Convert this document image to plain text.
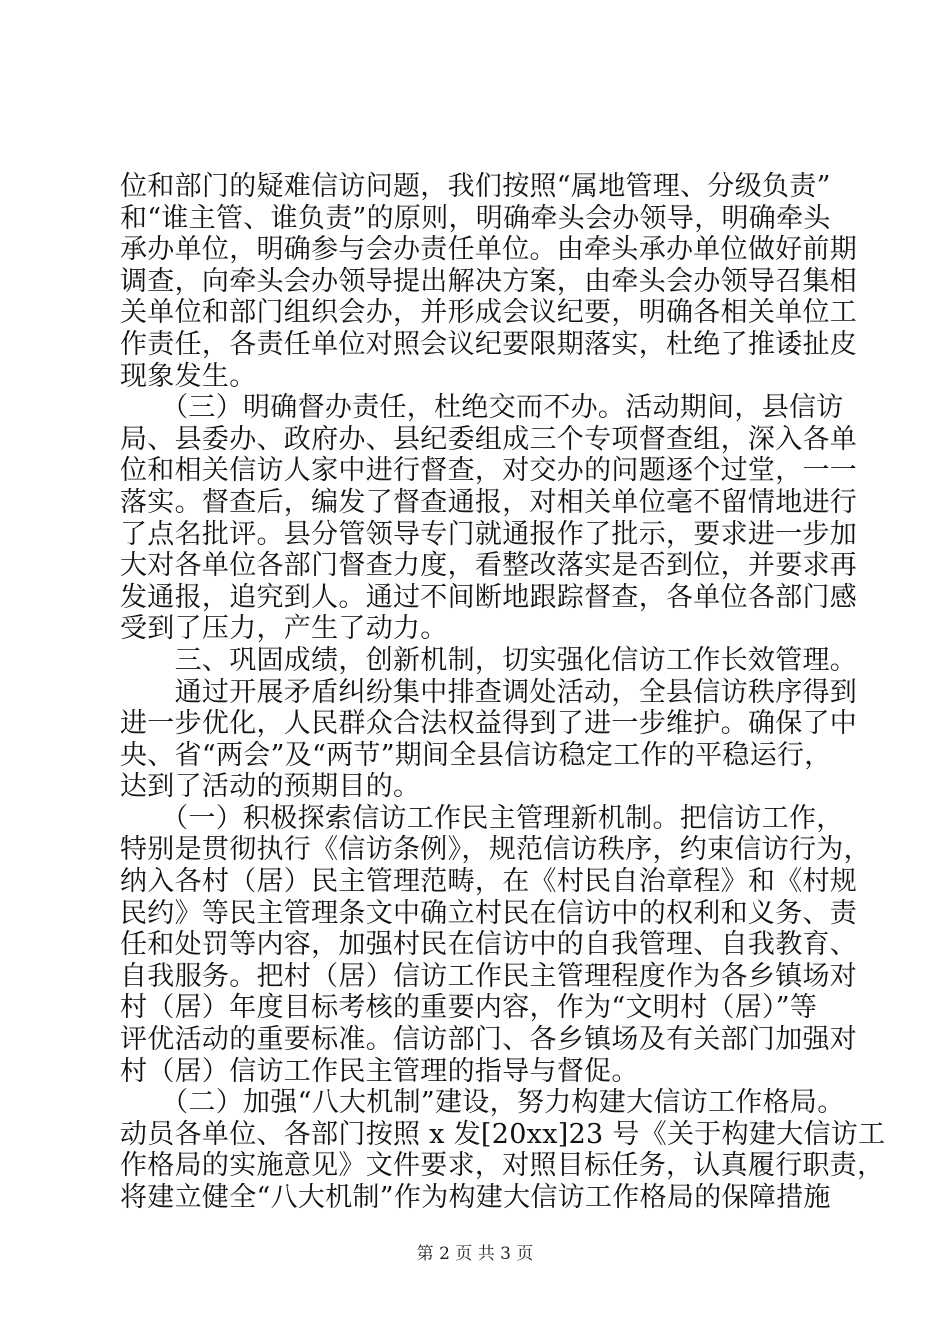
位和部门的疑难信访问题，我们按照“属地管理、分级负责”
和“谁主管、谁负责”的原则，明确牵头会办领导，明确牵头
承办单位，明确参与会办责任单位。由牵头承办单位做好前期
调查，向牵头会办领导提出解决方案，由牵头会办领导召集相
关单位和部门组织会办，并形成会议纪要，明确各相关单位工
作责任，各责任单位对照会议纪要限期落实，杜绝了推诿扯皮
现象发生。
　　（三）明确督办责任，杜绝交而不办。活动期间，县信访
局、县委办、政府办、县纪委组成三个专项督查组，深入各单
位和相关信访人家中进行督查，对交办的问题逐个过堂，一一
落实。督查后，编发了督查通报，对相关单位毫不留情地进行
了点名批评。县分管领导专门就通报作了批示，要求进一步加
大对各单位各部门督查力度，看整改落实是否到位，并要求再
发通报，追究到人。通过不间断地跟踪督查，各单位各部门感
受到了压力，产生了动力。
　　三、巩固成绩，创新机制，切实强化信访工作长效管理。
　　通过开展矛盾纠纷集中排查调处活动，全县信访秩序得到
进一步优化，人民群众合法权益得到了进一步维护。确保了中
央、省“两会”及“两节”期间全县信访稳定工作的平稳运行，
达到了活动的预期目的。
　　（一）积极探索信访工作民主管理新机制。把信访工作，
特别是贯彻执行《信访条例》，规范信访秩序，约束信访行为，
纳入各村（居）民主管理范畴，在《村民自治章程》和《村规
民约》等民主管理条文中确立村民在信访中的权利和义务、责
任和处罚等内容，加强村民在信访中的自我管理、自我教育、
自我服务。把村（居）信访工作民主管理程度作为各乡镇场对
村（居）年度目标考核的重要内容，作为“文明村（居）”等
评优活动的重要标准。信访部门、各乡镇场及有关部门加强对
村（居）信访工作民主管理的指导与督促。
　　（二）加强“八大机制”建设，努力构建大信访工作格局。
动员各单位、各部门按照 x 发[20xx]23 号《关于构建大信访工
作格局的实施意见》文件要求，对照目标任务，认真履行职责，
将建立健全“八大机制”作为构建大信访工作格局的保障措施
第 2 页 共 3 页
